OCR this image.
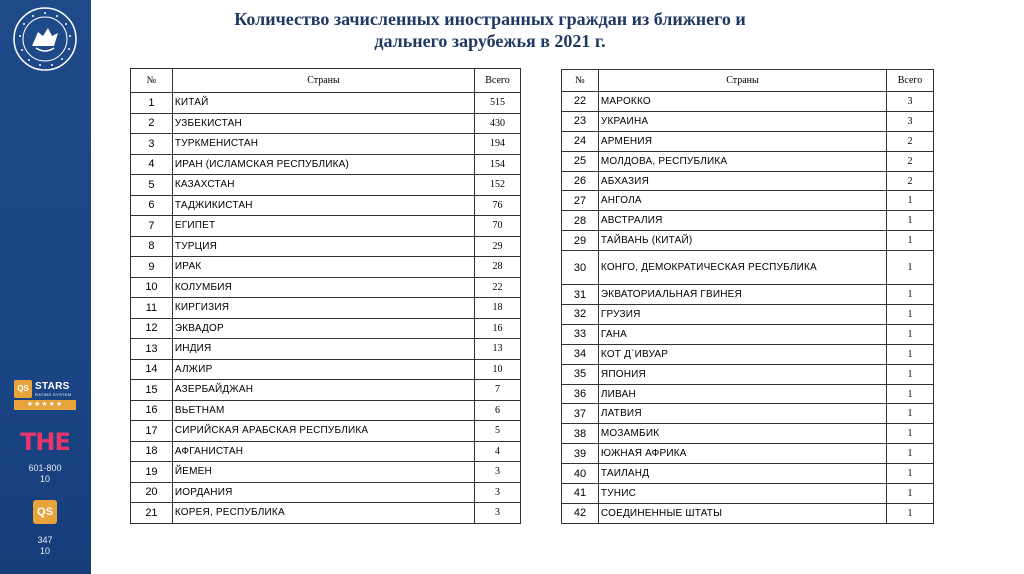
QS STARS
RATING SYSTEM
★★★★★
THE
601-800
10
QS
347
10
Количество зачисленных иностранных граждан из ближнего и
дальнего зарубежья в 2021 г.
№	Страны	Всего
1	КИТАЙ	515
2	УЗБЕКИСТАН	430
3	ТУРКМЕНИСТАН	194
4	ИРАН (ИСЛАМСКАЯ РЕСПУБЛИКА)	154
5	КАЗАХСТАН	152
6	ТАДЖИКИСТАН	76
7	ЕГИПЕТ	70
8	ТУРЦИЯ	29
9	ИРАК	28
10	КОЛУМБИЯ	22
11	КИРГИЗИЯ	18
12	ЭКВАДОР	16
13	ИНДИЯ	13
14	АЛЖИР	10
15	АЗЕРБАЙДЖАН	7
16	ВЬЕТНАМ	6
17	СИРИЙСКАЯ АРАБСКАЯ РЕСПУБЛИКА	5
18	АФГАНИСТАН	4
19	ЙЕМЕН	3
20	ИОРДАНИЯ	3
21	КОРЕЯ, РЕСПУБЛИКА	3
№	Страны	Всего
22	МАРОККО	3
23	УКРАИНА	3
24	АРМЕНИЯ	2
25	МОЛДОВА, РЕСПУБЛИКА	2
26	АБХАЗИЯ	2
27	АНГОЛА	1
28	АВСТРАЛИЯ	1
29	ТАЙВАНЬ (КИТАЙ)	1
30	КОНГО, ДЕМОКРАТИЧЕСКАЯ РЕСПУБЛИКА	1
31	ЭКВАТОРИАЛЬНАЯ ГВИНЕЯ	1
32	ГРУЗИЯ	1
33	ГАНА	1
34	КОТ Д`ИВУАР	1
35	ЯПОНИЯ	1
36	ЛИВАН	1
37	ЛАТВИЯ	1
38	МОЗАМБИК	1
39	ЮЖНАЯ АФРИКА	1
40	ТАИЛАНД	1
41	ТУНИС	1
42	СОЕДИНЕННЫЕ ШТАТЫ	1
